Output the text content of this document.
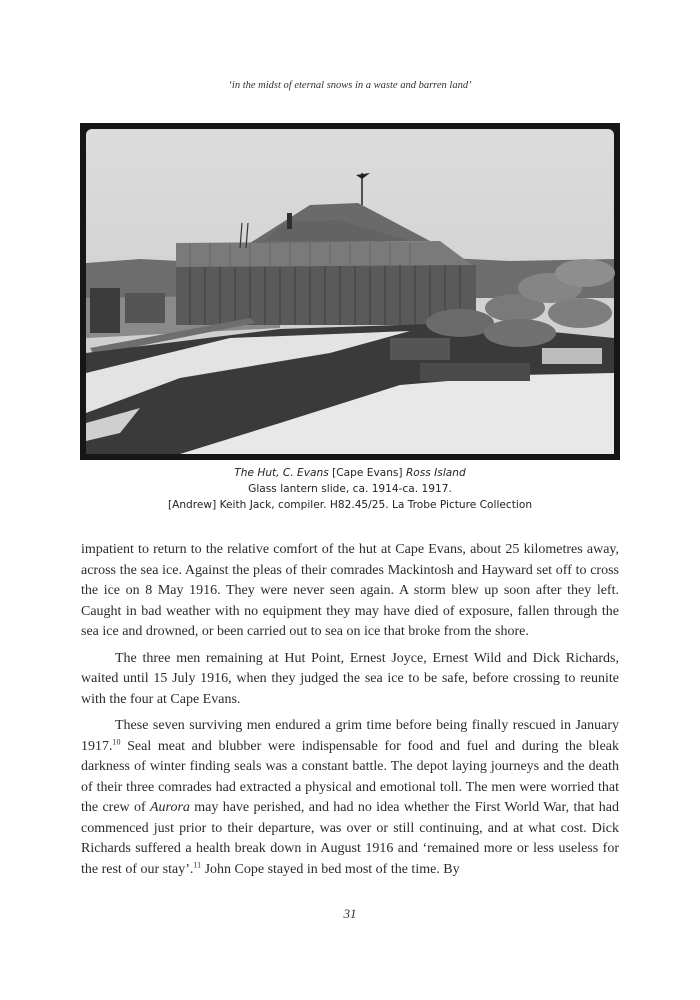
‘in the midst of eternal snows in a waste and barren land’
The Hut, C. Evans [Cape Evans] Ross Island
Glass lantern slide, ca. 1914-ca. 1917.
[Andrew] Keith Jack, compiler. H82.45/25. La Trobe Picture Collection

impatient to return to the relative comfort of the hut at Cape Evans, about 25 kilometres away, across the sea ice. Against the pleas of their comrades Mackintosh and Hayward set off to cross the ice on 8 May 1916. They were never seen again. A storm blew up soon after they left. Caught in bad weather with no equipment they may have died of exposure, fallen through the sea ice and drowned, or been carried out to sea on ice that broke from the shore.

The three men remaining at Hut Point, Ernest Joyce, Ernest Wild and Dick Richards, waited until 15 July 1916, when they judged the sea ice to be safe, before crossing to reunite with the four at Cape Evans.

These seven surviving men endured a grim time before being finally rescued in January 1917.10 Seal meat and blubber were indispensable for food and fuel and during the bleak darkness of winter finding seals was a constant battle. The depot laying journeys and the death of their three comrades had extracted a physical and emotional toll. The men were worried that the crew of Aurora may have perished, and had no idea whether the First World War, that had commenced just prior to their departure, was over or still continuing, and at what cost. Dick Richards suffered a health break down in August 1916 and ‘remained more or less useless for the rest of our stay’.$^{11}$ John Cope stayed in bed most of the time. By

31
